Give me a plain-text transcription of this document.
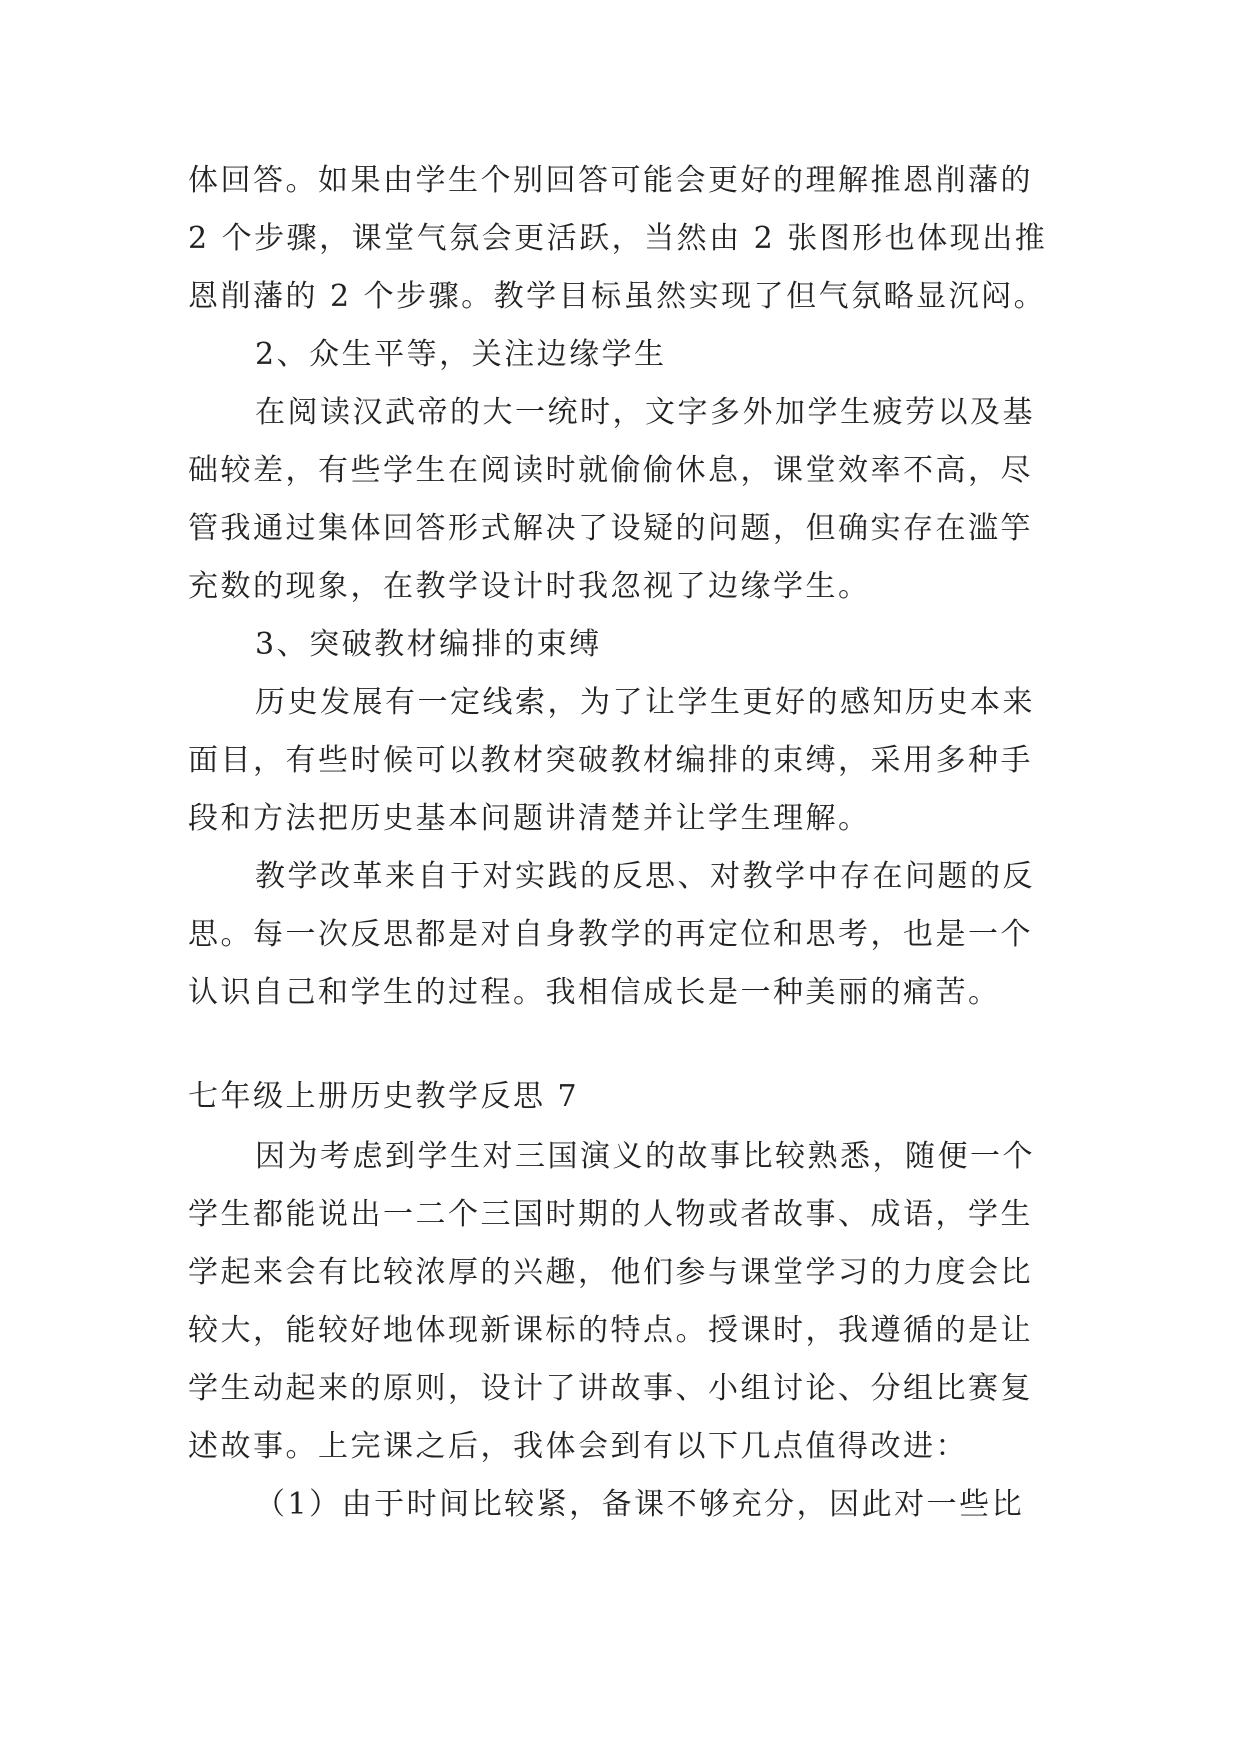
体回答。如果由学生个别回答可能会更好的理解推恩削藩的
2 个步骤，课堂气氛会更活跃，当然由 2 张图形也体现出推
恩削藩的 2 个步骤。教学目标虽然实现了但气氛略显沉闷。
2、众生平等，关注边缘学生
在阅读汉武帝的大一统时，文字多外加学生疲劳以及基
础较差，有些学生在阅读时就偷偷休息，课堂效率不高，尽
管我通过集体回答形式解决了设疑的问题，但确实存在滥竽
充数的现象，在教学设计时我忽视了边缘学生。
3、突破教材编排的束缚
历史发展有一定线索，为了让学生更好的感知历史本来
面目，有些时候可以教材突破教材编排的束缚，采用多种手
段和方法把历史基本问题讲清楚并让学生理解。
教学改革来自于对实践的反思、对教学中存在问题的反
思。每一次反思都是对自身教学的再定位和思考，也是一个
认识自己和学生的过程。我相信成长是一种美丽的痛苦。
七年级上册历史教学反思 7
因为考虑到学生对三国演义的故事比较熟悉，随便一个
学生都能说出一二个三国时期的人物或者故事、成语，学生
学起来会有比较浓厚的兴趣，他们参与课堂学习的力度会比
较大，能较好地体现新课标的特点。授课时，我遵循的是让
学生动起来的原则，设计了讲故事、小组讨论、分组比赛复
述故事。上完课之后，我体会到有以下几点值得改进：
（1）由于时间比较紧，备课不够充分，因此对一些比
